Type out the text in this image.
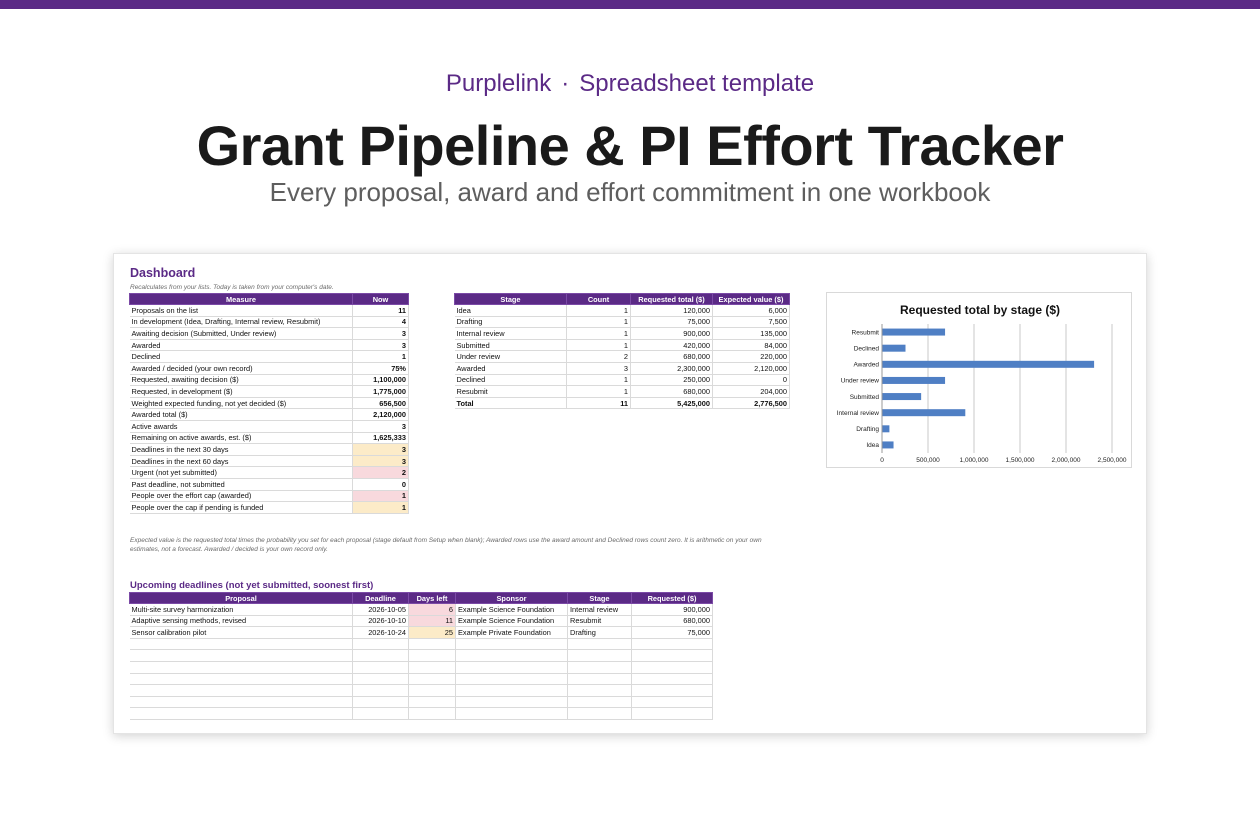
Purplelink · Spreadsheet template
Grant Pipeline & PI Effort Tracker
Every proposal, award and effort commitment in one workbook
Dashboard
Recalculates from your lists. Today is taken from your computer's date.
Measure	Now
Proposals on the list	11
In development (Idea, Drafting, Internal review, Resubmit)	4
Awaiting decision (Submitted, Under review)	3
Awarded	3
Declined	1
Awarded / decided (your own record)	75%
Requested, awaiting decision ($)	1,100,000
Requested, in development ($)	1,775,000
Weighted expected funding, not yet decided ($)	656,500
Awarded total ($)	2,120,000
Active awards	3
Remaining on active awards, est. ($)	1,625,333
Deadlines in the next 30 days	3
Deadlines in the next 60 days	3
Urgent (not yet submitted)	2
Past deadline, not submitted	0
People over the effort cap (awarded)	1
People over the cap if pending is funded	1
Stage	Count	Requested total ($)	Expected value ($)
Idea	1	120,000	6,000
Drafting	1	75,000	7,500
Internal review	1	900,000	135,000
Submitted	1	420,000	84,000
Under review	2	680,000	220,000
Awarded	3	2,300,000	2,120,000
Declined	1	250,000	0
Resubmit	1	680,000	204,000
Total	11	5,425,000	2,776,500
Requested total by stage ($)
0	500,000	1,000,000	1,500,000	2,000,000	2,500,000
Idea
Drafting
Internal review
Submitted
Under review
Awarded
Declined
Resubmit
Expected value is the requested total times the probability you set for each proposal (stage default from Setup when blank); Awarded rows use the award amount and Declined rows count zero. It is arithmetic on your own estimates, not a forecast. Awarded / decided is your own record only.
Upcoming deadlines (not yet submitted, soonest first)
Proposal	Deadline	Days left	Sponsor	Stage	Requested ($)
Multi-site survey harmonization	2026-10-05	6	Example Science Foundation	Internal review	900,000
Adaptive sensing methods, revised	2026-10-10	11	Example Science Foundation	Resubmit	680,000
Sensor calibration pilot	2026-10-24	25	Example Private Foundation	Drafting	75,000
